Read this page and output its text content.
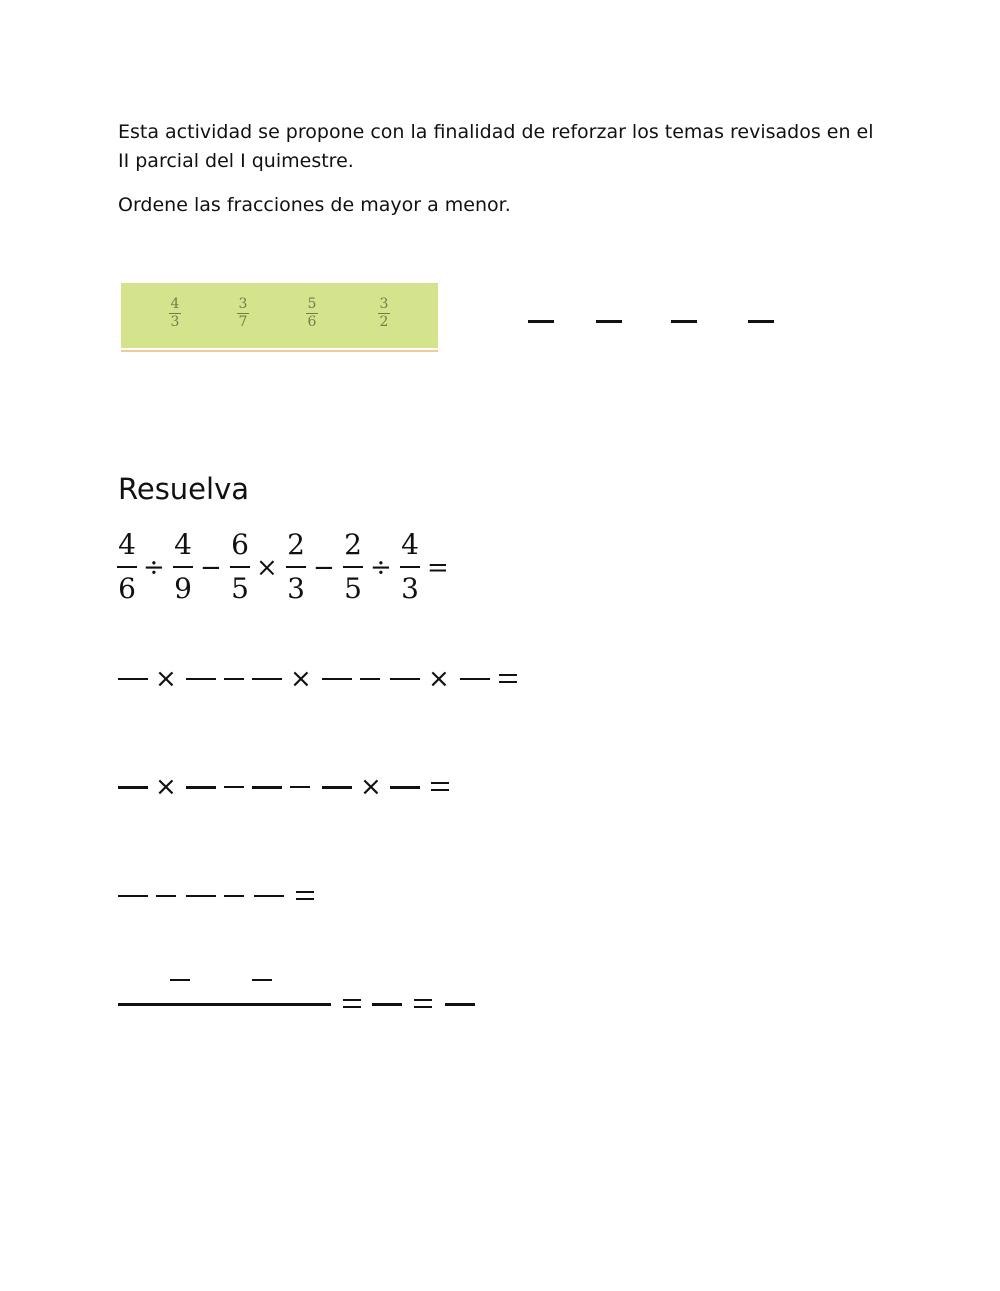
Esta actividad se propone con la finalidad de reforzar los temas revisados en el II parcial del I quimestre.

Ordene las fracciones de mayor a menor.

4
3
3
7
5
6
3
2
Resuelva
4
6
÷
4
9
−
6
5
×
2
3
−
2
5
÷
4
3
=
×	×	×
×	×
